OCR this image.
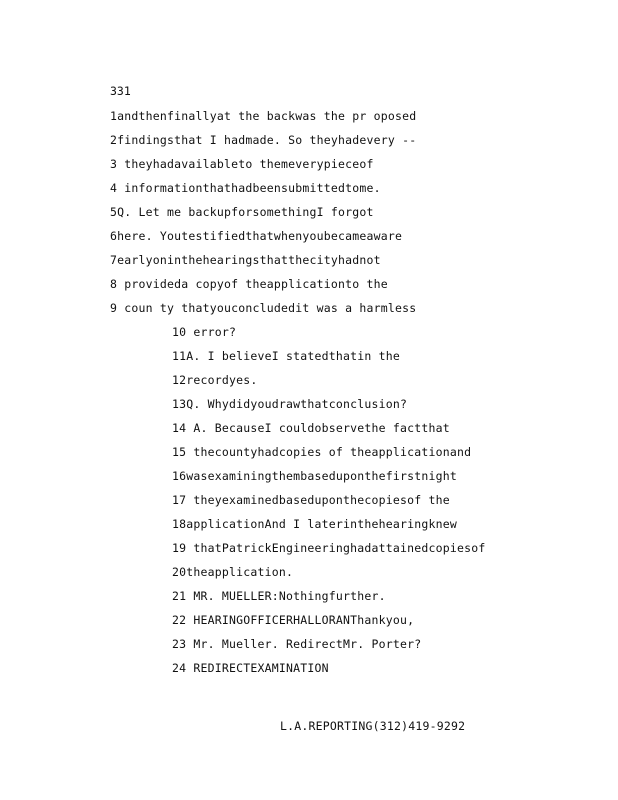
331
1andthenfinallyat the backwas the pr oposed
2findingsthat I hadmade. So theyhadevery --
3 theyhadavailableto themeverypieceof
4 informationthathadbeensubmittedtome.
5Q. Let me backupforsomethingI forgot
6here. Youtestifiedthatwhenyoubecameaware
7earlyoninthehearingsthatthecityhadnot
8 provideda copyof theapplicationto the
9 coun ty thatyouconcludedit was a harmless
10 error?
11A. I believeI statedthatin the
12recordyes.
13Q. Whydidyoudrawthatconclusion?
14 A. BecauseI couldobservethe factthat
15 thecountyhadcopies of theapplicationand
16wasexaminingthembaseduponthefirstnight
17 theyexaminedbaseduponthecopiesof the
18applicationAnd I laterinthehearingknew
19 thatPatrickEngineeringhadattainedcopiesof
20theapplication.
21 MR. MUELLER:Nothingfurther.
22 HEARINGOFFICERHALLORANThankyou,
23 Mr. Mueller. RedirectMr. Porter?
24 REDIRECTEXAMINATION
L.A.REPORTING(312)419-9292
